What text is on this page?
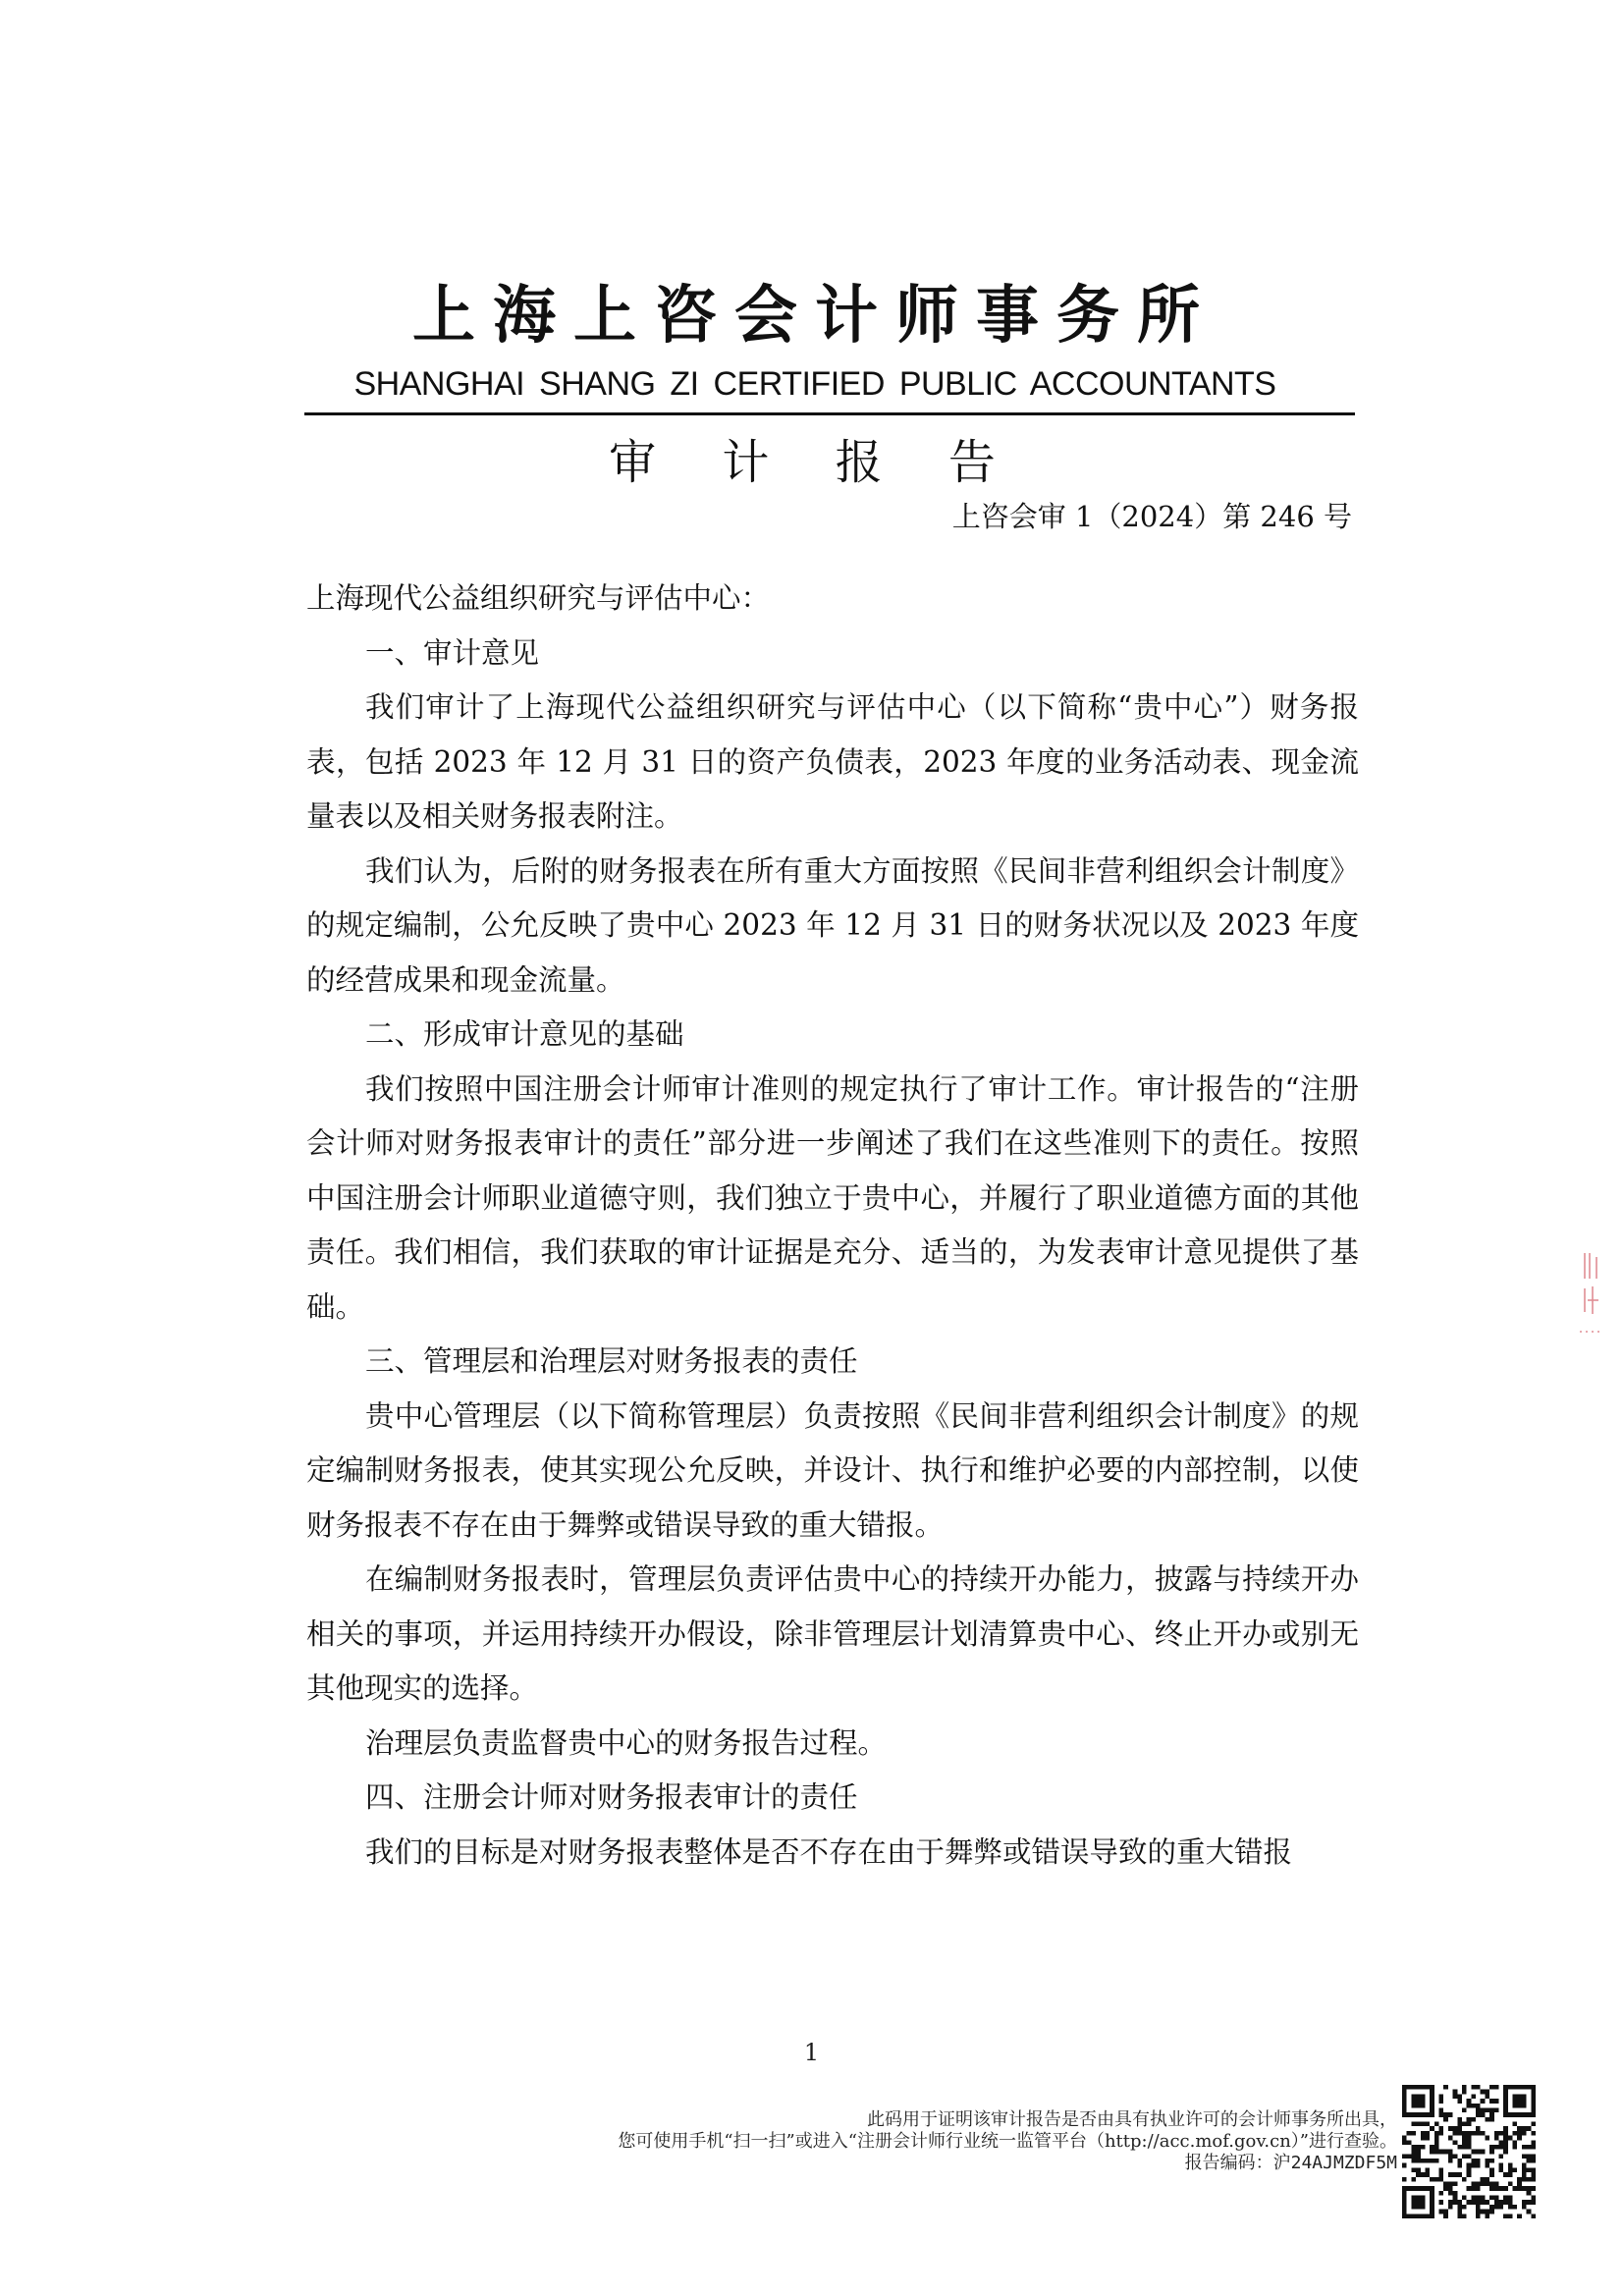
上海上咨会计师事务所
SHANGHAI SHANG ZI CERTIFIED PUBLIC ACCOUNTANTS
审 计 报 告
上咨会审 1（2024）第 246 号

上海现代公益组织研究与评估中心：

一、审计意见

我们审计了上海现代公益组织研究与评估中心（以下简称“贵中心”）财务报表，包括 2023 年 12 月 31 日的资产负债表，2023 年度的业务活动表、现金流量表以及相关财务报表附注。

我们认为，后附的财务报表在所有重大方面按照《民间非营利组织会计制度》的规定编制，公允反映了贵中心 2023 年 12 月 31 日的财务状况以及 2023 年度的经营成果和现金流量。

二、形成审计意见的基础

我们按照中国注册会计师审计准则的规定执行了审计工作。审计报告的“注册会计师对财务报表审计的责任”部分进一步阐述了我们在这些准则下的责任。按照中国注册会计师职业道德守则，我们独立于贵中心，并履行了职业道德方面的其他责任。我们相信，我们获取的审计证据是充分、适当的，为发表审计意见提供了基础。

三、管理层和治理层对财务报表的责任

贵中心管理层（以下简称管理层）负责按照《民间非营利组织会计制度》的规定编制财务报表，使其实现公允反映，并设计、执行和维护必要的内部控制，以使财务报表不存在由于舞弊或错误导致的重大错报。

在编制财务报表时，管理层负责评估贵中心的持续开办能力，披露与持续开办相关的事项，并运用持续开办假设，除非管理层计划清算贵中心、终止开办或别无其他现实的选择。

治理层负责监督贵中心的财务报告过程。

四、注册会计师对财务报表审计的责任

我们的目标是对财务报表整体是否不存在由于舞弊或错误导致的重大错报

1
此码用于证明该审计报告是否由具有执业许可的会计师事务所出具，
您可使用手机“扫一扫”或进入“注册会计师行业统一监管平台（http://acc.mof.gov.cn）”进行查验。
报告编码：沪24AJMZDF5M
